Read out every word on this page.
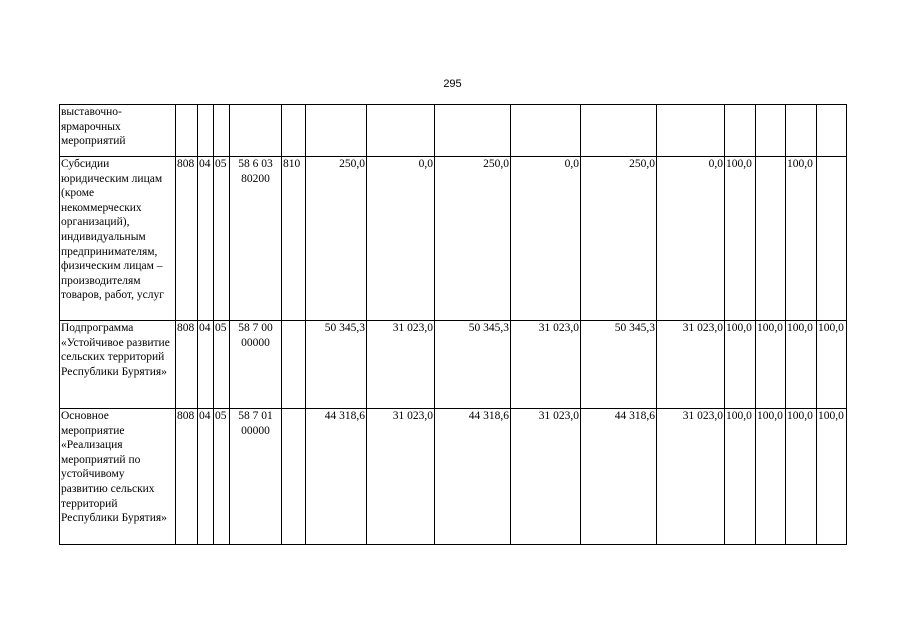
295
выставочно-ярмарочных мероприятий															
Субсидии юридическим лицам (кроме некоммерческих организаций), индивидуальным предпринимателям, физическим лицам – производителям товаров, работ, услуг	808	04	05	58 6 03 80200	810	250,0	0,0	250,0	0,0	250,0	0,0	100,0		100,0	
Подпрограмма «Устойчивое развитие сельских территорий Республики Бурятия»	808	04	05	58 7 00 00000		50 345,3	31 023,0	50 345,3	31 023,0	50 345,3	31 023,0	100,0	100,0	100,0	100,0
Основное мероприятие «Реализация мероприятий по устойчивому развитию сельских территорий Республики Бурятия»	808	04	05	58 7 01 00000		44 318,6	31 023,0	44 318,6	31 023,0	44 318,6	31 023,0	100,0	100,0	100,0	100,0
